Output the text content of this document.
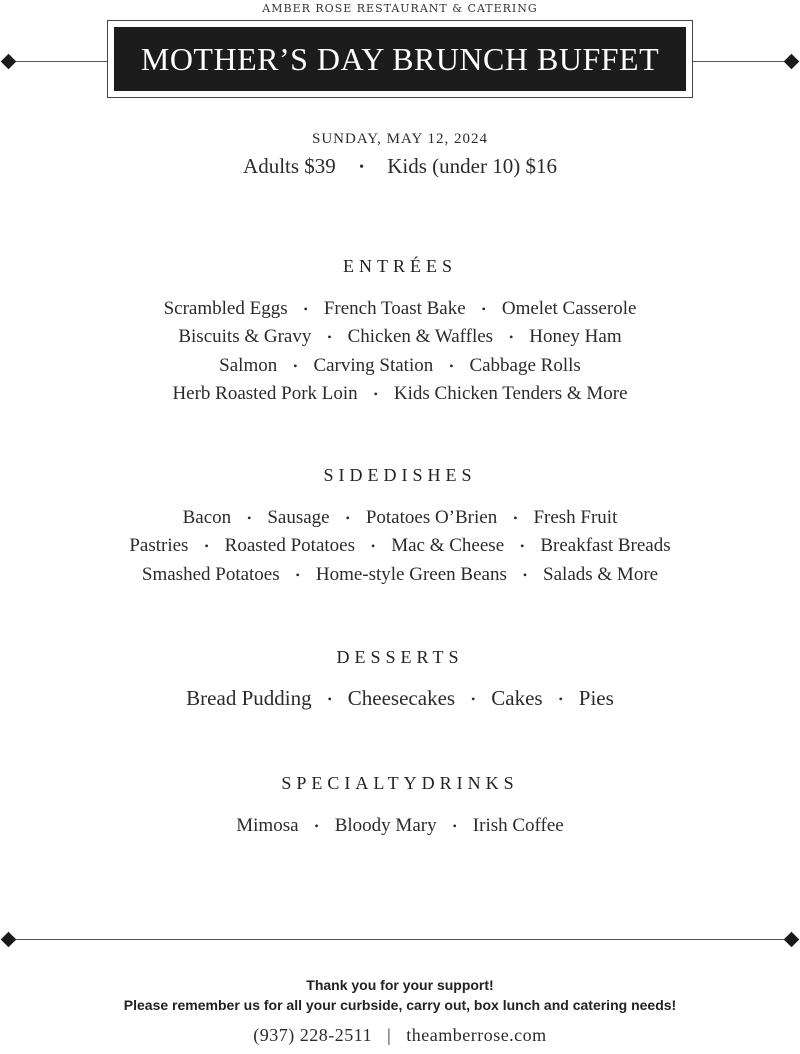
AMBER ROSE RESTAURANT & CATERING
MOTHER’S DAY BRUNCH BUFFET
SUNDAY, MAY 12, 2024
Adults $39 • Kids (under 10) $16
ENTRÉES
Scrambled Eggs • French Toast Bake • Omelet Casserole
Biscuits & Gravy • Chicken & Waffles • Honey Ham
Salmon • Carving Station • Cabbage Rolls
Herb Roasted Pork Loin • Kids Chicken Tenders & More
SIDEDISHES
Bacon • Sausage • Potatoes O’Brien • Fresh Fruit
Pastries • Roasted Potatoes • Mac & Cheese • Breakfast Breads
Smashed Potatoes • Home-style Green Beans • Salads & More
DESSERTS
Bread Pudding • Cheesecakes • Cakes • Pies
SPECIALTYDRINKS
Mimosa • Bloody Mary • Irish Coffee
Thank you for your support!
Please remember us for all your curbside, carry out, box lunch and catering needs!
(937) 228-2511 | theamberrose.com
